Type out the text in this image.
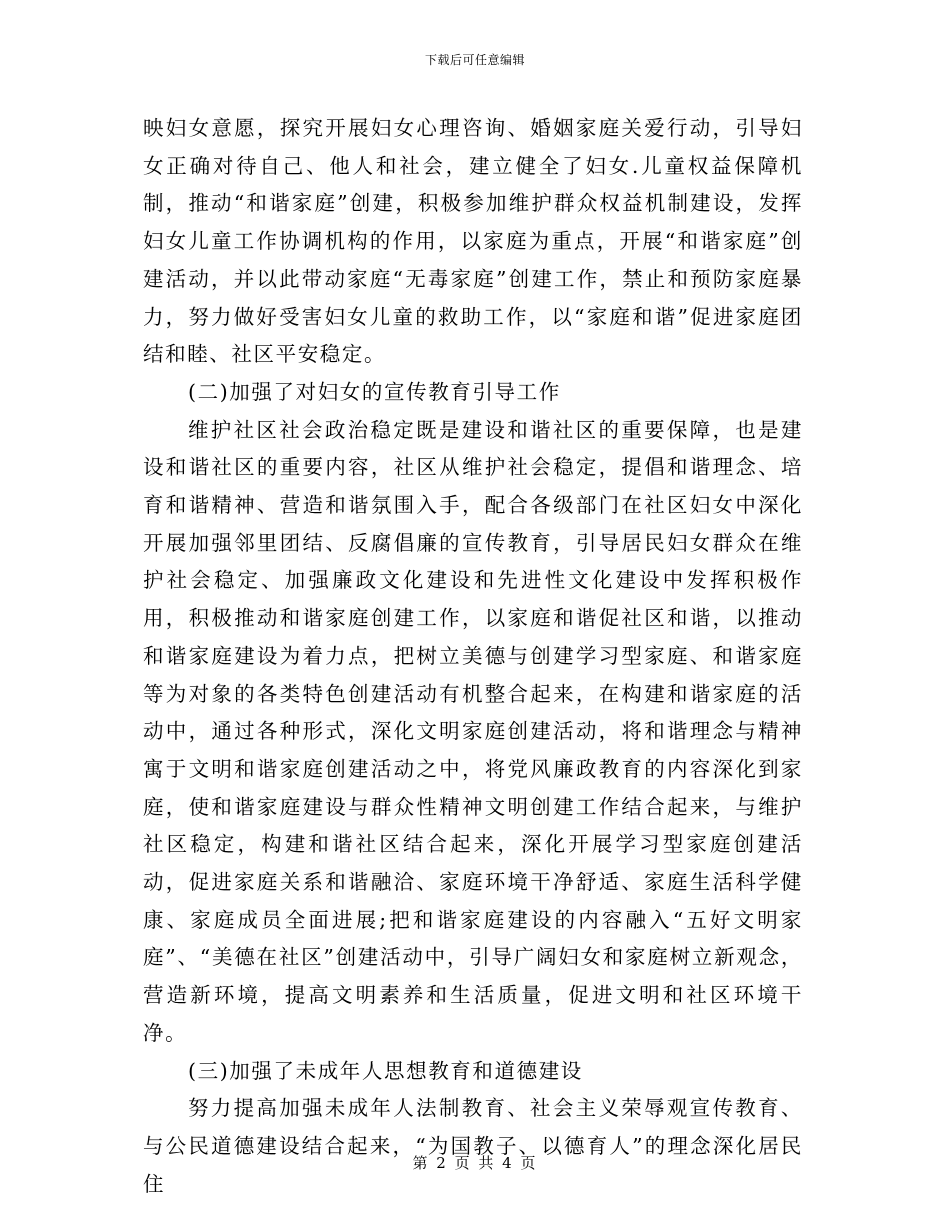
下载后可任意编辑

映妇女意愿，探究开展妇女心理咨询、婚姻家庭关爱行动，引导妇女正确对待自己、他人和社会，建立健全了妇女.儿童权益保障机制，推动“和谐家庭”创建，积极参加维护群众权益机制建设，发挥妇女儿童工作协调机构的作用，以家庭为重点，开展“和谐家庭”创建活动，并以此带动家庭“无毒家庭”创建工作，禁止和预防家庭暴力，努力做好受害妇女儿童的救助工作，以“家庭和谐”促进家庭团结和睦、社区平安稳定。

(二)加强了对妇女的宣传教育引导工作

维护社区社会政治稳定既是建设和谐社区的重要保障，也是建设和谐社区的重要内容，社区从维护社会稳定，提倡和谐理念、培育和谐精神、营造和谐氛围入手，配合各级部门在社区妇女中深化开展加强邻里团结、反腐倡廉的宣传教育，引导居民妇女群众在维护社会稳定、加强廉政文化建设和先进性文化建设中发挥积极作用，积极推动和谐家庭创建工作，以家庭和谐促社区和谐，以推动和谐家庭建设为着力点，把树立美德与创建学习型家庭、和谐家庭等为对象的各类特色创建活动有机整合起来，在构建和谐家庭的活动中，通过各种形式，深化文明家庭创建活动，将和谐理念与精神寓于文明和谐家庭创建活动之中，将党风廉政教育的内容深化到家庭，使和谐家庭建设与群众性精神文明创建工作结合起来，与维护社区稳定，构建和谐社区结合起来，深化开展学习型家庭创建活动，促进家庭关系和谐融洽、家庭环境干净舒适、家庭生活科学健康、家庭成员全面进展;把和谐家庭建设的内容融入“五好文明家庭”、“美德在社区”创建活动中，引导广阔妇女和家庭树立新观念，营造新环境，提高文明素养和生活质量，促进文明和社区环境干净。

(三)加强了未成年人思想教育和道德建设

努力提高加强未成年人法制教育、社会主义荣辱观宣传教育、与公民道德建设结合起来，“为国教子、以德育人”的理念深化居民住

第 2 页 共 4 页
